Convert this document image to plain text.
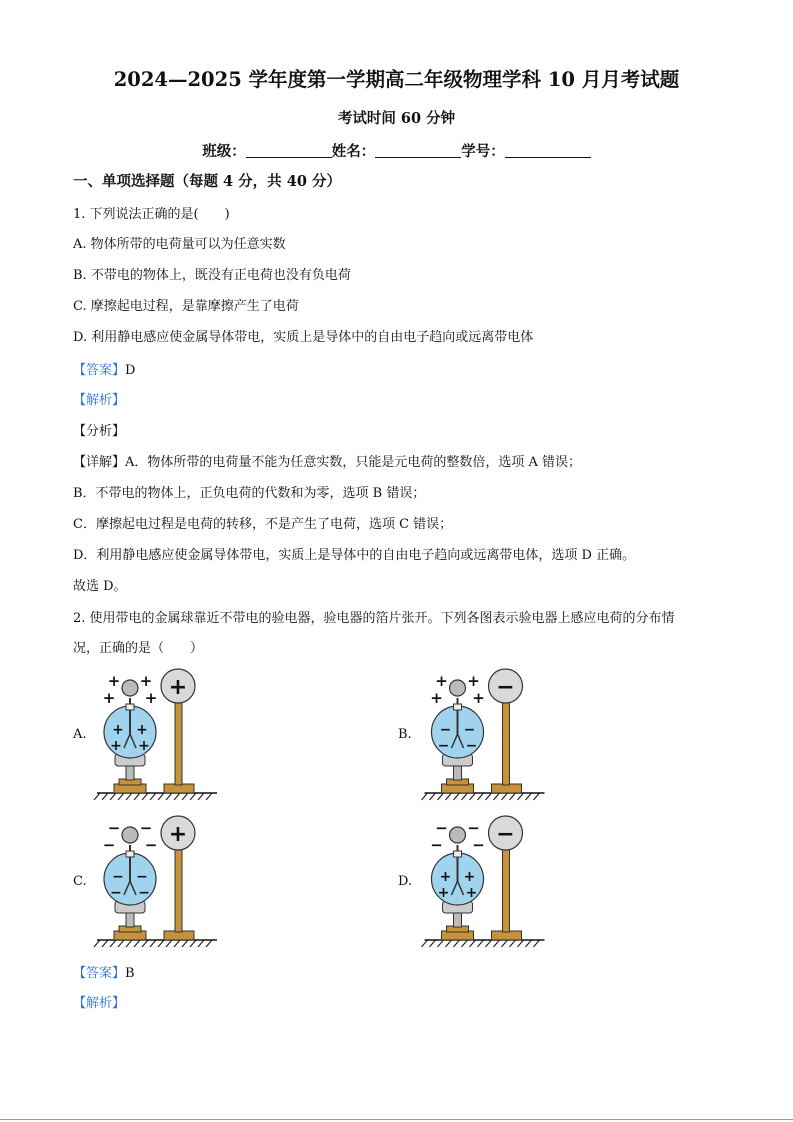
2024—2025 学年度第一学期高二年级物理学科 10 月月考试题
考试时间 60 分钟
班级：	姓名：	学号：
一、单项选择题（每题 4 分，共 40 分）
1. 下列说法正确的是(　　)
A. 物体所带的电荷量可以为任意实数
B. 不带电的物体上，既没有正电荷也没有负电荷
C. 摩擦起电过程，是靠摩擦产生了电荷
D. 利用静电感应使金属导体带电，实质上是导体中的自由电子趋向或远离带电体
【答案】D
【解析】
【分析】
【详解】A．物体所带的电荷量不能为任意实数，只能是元电荷的整数倍，选项 A 错误；
B．不带电的物体上，正负电荷的代数和为零，选项 B 错误；
C．摩擦起电过程是电荷的转移，不是产生了电荷，选项 C 错误；
D．利用静电感应使金属导体带电，实质上是导体中的自由电子趋向或远离带电体，选项 D 正确。
故选 D。
2. 使用带电的金属球靠近不带电的验电器，验电器的箔片张开。下列各图表示验电器上感应电荷的分布情
况，正确的是（　　）
A.	B.
C.	D.
+ +
+ +
+ +
+ +
+	+ +
+ +
− −
− −
−
− −
− −
− −
− −
+	− −
− −
+ +
+ +
−
【答案】B
【解析】
